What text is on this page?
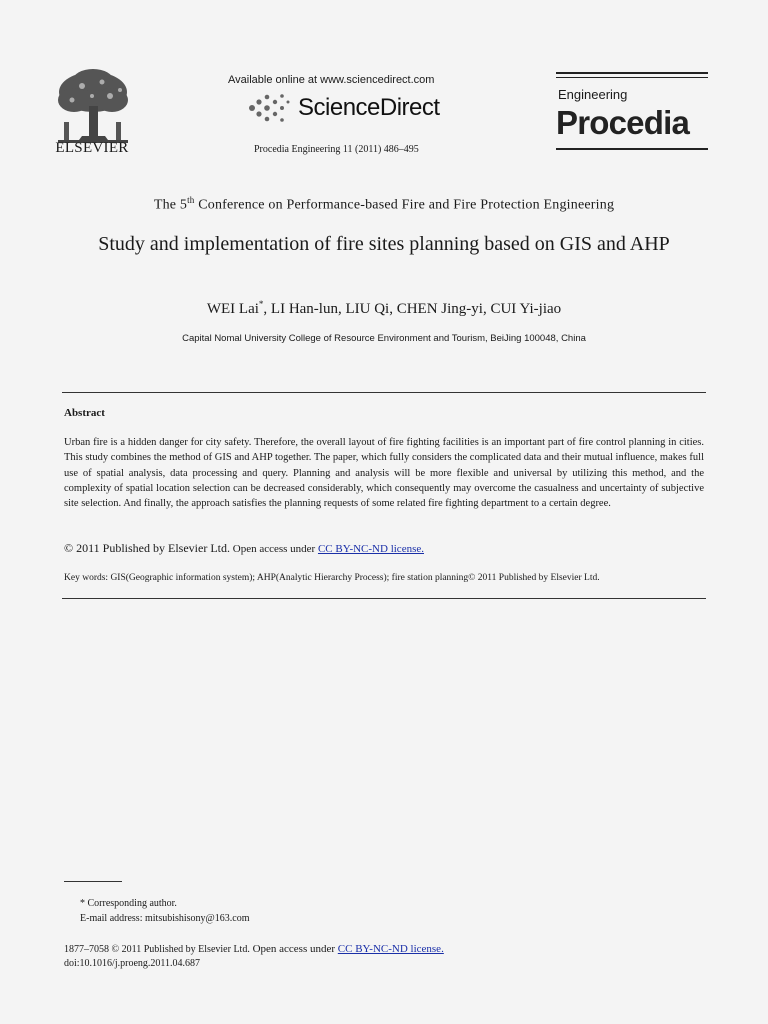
ELSEVIER
Available online at www.sciencedirect.com
ScienceDirect
Procedia Engineering 11 (2011) 486–495
Engineering
Procedia
The 5th Conference on Performance-based Fire and Fire Protection Engineering
Study and implementation of fire sites planning based on GIS and AHP
WEI Lai*, LI Han-lun, LIU Qi, CHEN Jing-yi, CUI Yi-jiao
Capital Nomal University College of Resource Environment and Tourism, BeiJing 100048, China
Abstract
Urban fire is a hidden danger for city safety. Therefore, the overall layout of fire fighting facilities is an important part of fire control planning in cities. This study combines the method of GIS and AHP together. The paper, which fully considers the complicated data and their mutual influence, makes full use of spatial analysis, data processing and query. Planning and analysis will be more flexible and universal by utilizing this method, and the complexity of spatial location selection can be decreased considerably, which consequently may overcome the casualness and uncertainty of subjective site selection. And finally, the approach satisfies the planning requests of some related fire fighting department to a certain degree.
© 2011 Published by Elsevier Ltd. Open access under CC BY-NC-ND license.
Key words: GIS(Geographic information system); AHP(Analytic Hierarchy Process); fire station planning© 2011 Published by Elsevier Ltd.
* Corresponding author.
E-mail address: mitsubishisony@163.com
1877–7058 © 2011 Published by Elsevier Ltd. Open access under CC BY-NC-ND license.
doi:10.1016/j.proeng.2011.04.687
